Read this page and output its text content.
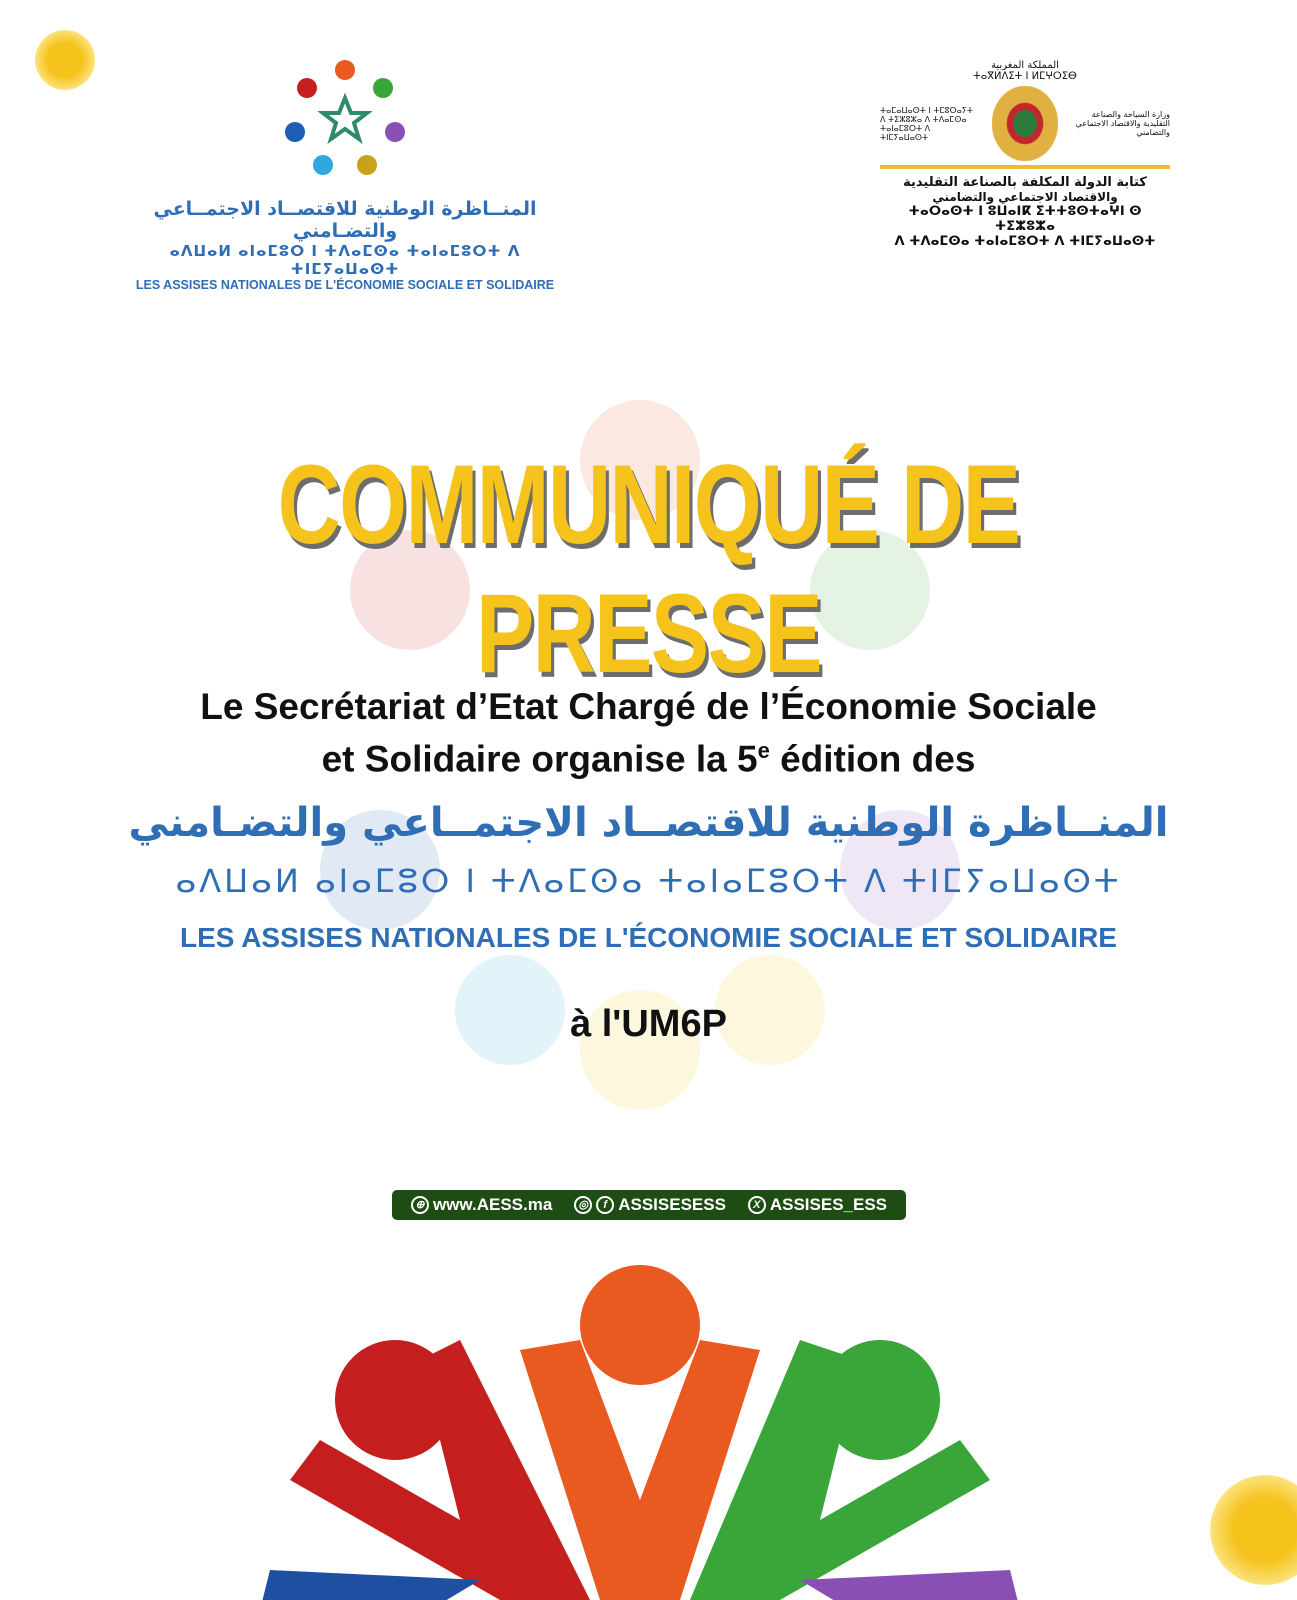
المنــاظرة الوطنية للاقتصــاد الاجتمــاعي والتضـامني
ⴰⴷⵡⴰⵍ ⴰⵏⴰⵎⵓⵔ ⵏ ⵜⴷⴰⵎⵙⴰ ⵜⴰⵏⴰⵎⵓⵔⵜ ⴷ ⵜⵏⵎⵢⴰⵡⴰⵙⵜ
LES ASSISES NATIONALES DE L'ÉCONOMIE SOCIALE ET SOLIDAIRE
المملكة المغربية
ⵜⴰⴳⵍⴷⵉⵜ ⵏ ⵍⵎⵖⵔⵉⴱ
ⵜⴰⵎⴰⵡⴰⵙⵜ ⵏ ⵜⵎⵓⵔⴰⵢⵜ ⴷ ⵜⵉⵣⵓⵣⴰ ⴷ ⵜⴷⴰⵎⵙⴰ ⵜⴰⵏⴰⵎⵓⵔⵜ ⴷ ⵜⵏⵎⵢⴰⵡⴰⵙⵜ
وزارة السياحة والصناعة التقليدية والاقتصاد الاجتماعي والتضامني
كتابة الدولة المكلفة بالصناعة التقليدية
والاقتصاد الاجتماعي والتضامني
ⵜⴰⵔⴰⵙⵜ ⵏ ⵓⵡⴰⵏⴽ ⵉⵜⵜⵓⵙⵜⴰⵖⵏ ⵙ ⵜⵉⵣⵓⵣⴰ
ⴷ ⵜⴷⴰⵎⵙⴰ ⵜⴰⵏⴰⵎⵓⵔⵜ ⴷ ⵜⵏⵎⵢⴰⵡⴰⵙⵜ
COMMUNIQUÉ DE PRESSE
Le Secrétariat d’Etat Chargé de l’Économie Sociale
et Solidaire organise la 5e édition des
المنــاظرة الوطنية للاقتصــاد الاجتمــاعي والتضـامني
ⴰⴷⵡⴰⵍ ⴰⵏⴰⵎⵓⵔ ⵏ ⵜⴷⴰⵎⵙⴰ ⵜⴰⵏⴰⵎⵓⵔⵜ ⴷ ⵜⵏⵎⵢⴰⵡⴰⵙⵜ
LES ASSISES NATIONALES DE L'ÉCONOMIE SOCIALE ET SOLIDAIRE
à l'UM6P
⊕ www.AESS.ma	◎	f ASSISESESS	X ASSISES_ESS
